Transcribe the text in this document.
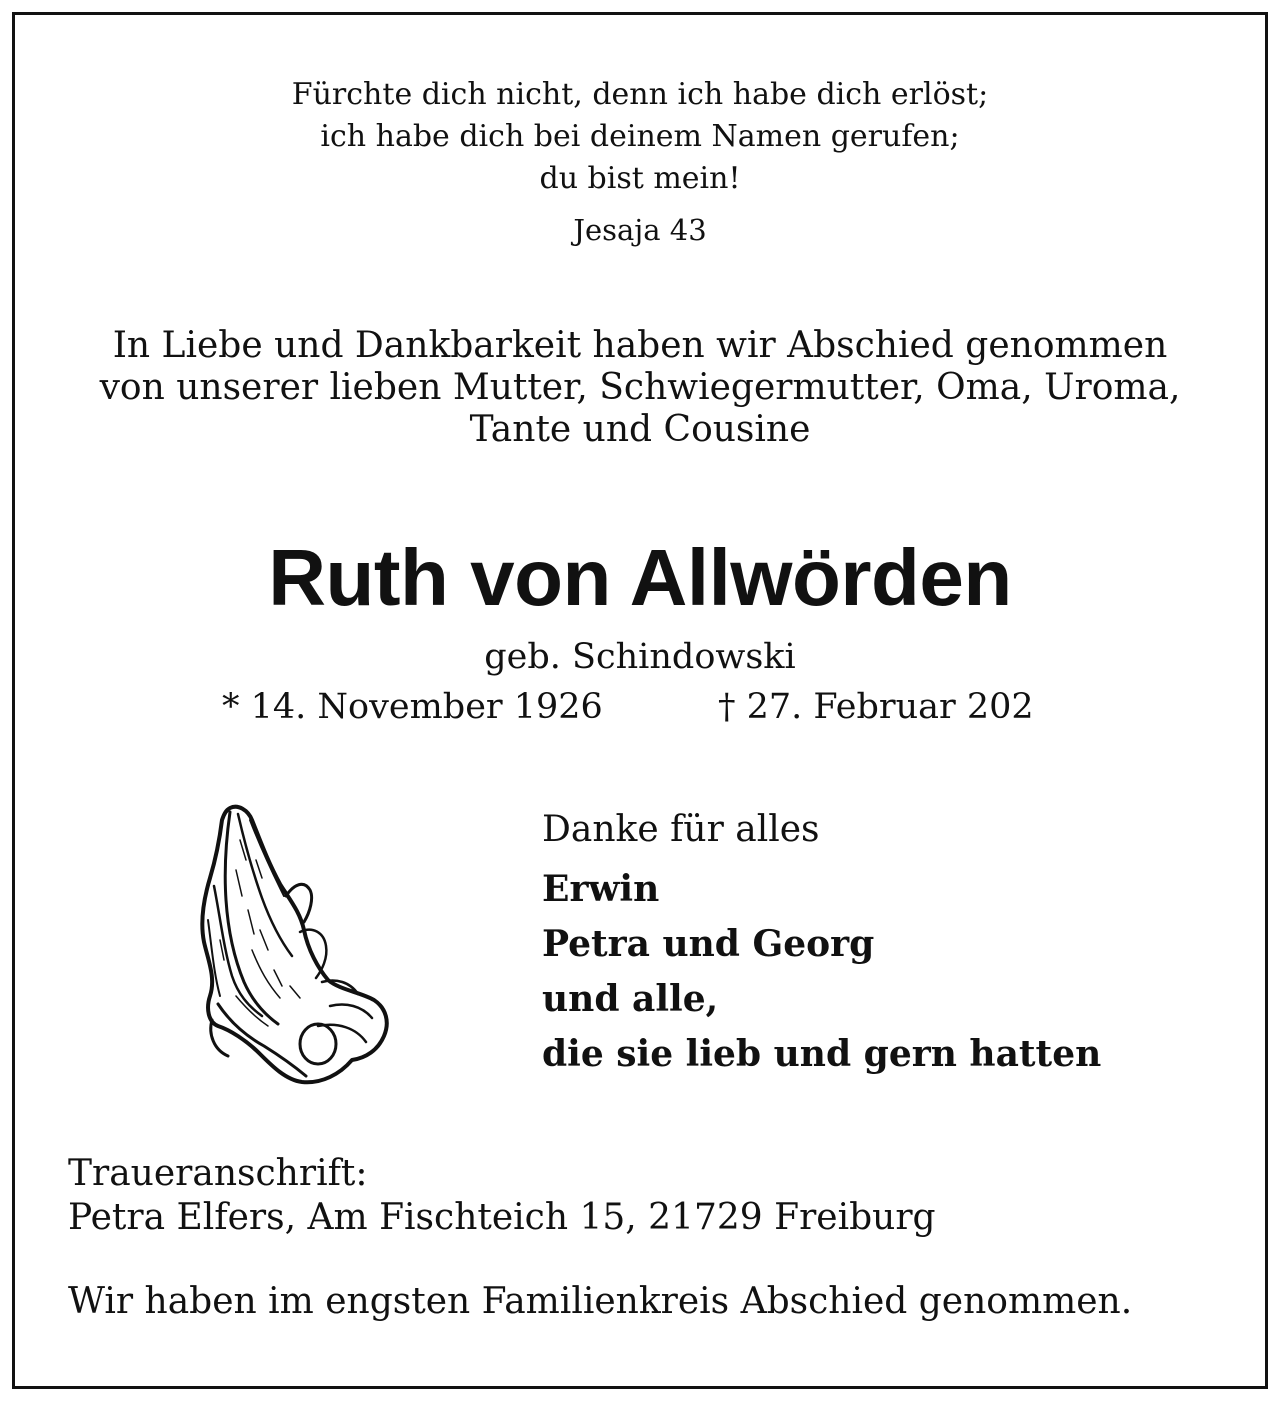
Fürchte dich nicht, denn ich habe dich erlöst;
ich habe dich bei deinem Namen gerufen;
du bist mein!
Jesaja 43
In Liebe und Dankbarkeit haben wir Abschied genommen
von unserer lieben Mutter, Schwiegermutter, Oma, Uroma,
Tante und Cousine
Ruth von Allwörden
geb. Schindowski
* 14. November 1926	† 27. Februar 202
Danke für alles
Erwin
Petra und Georg
und alle,
die sie lieb und gern hatten
Traueranschrift:
Petra Elfers, Am Fischteich 15, 21729 Freiburg
Wir haben im engsten Familienkreis Abschied genommen.
